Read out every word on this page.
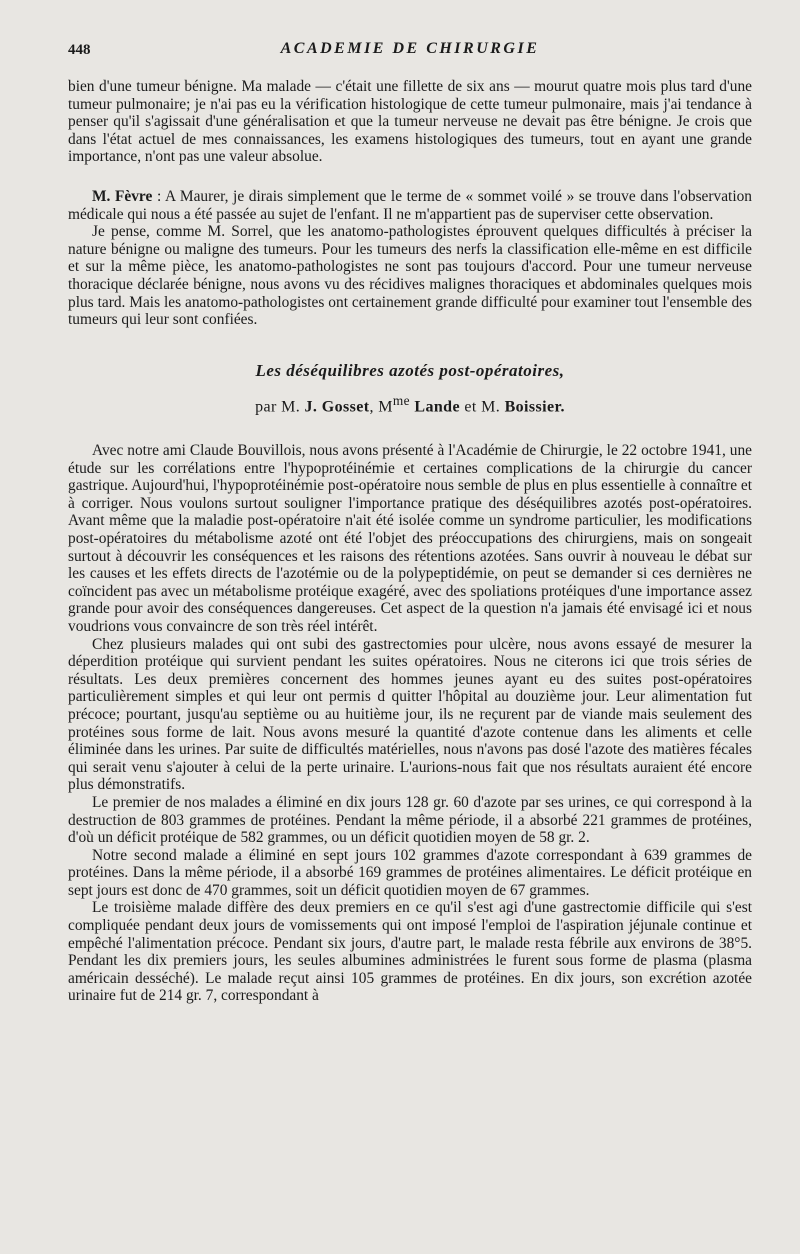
448	ACADEMIE DE CHIRURGIE

bien d'une tumeur bénigne. Ma malade — c'était une fillette de six ans — mourut quatre mois plus tard d'une tumeur pulmonaire; je n'ai pas eu la vérification histologique de cette tumeur pulmonaire, mais j'ai tendance à penser qu'il s'agissait d'une généralisation et que la tumeur nerveuse ne devait pas être bénigne. Je crois que dans l'état actuel de mes connaissances, les examens histologiques des tumeurs, tout en ayant une grande importance, n'ont pas une valeur absolue.

M. Fèvre : A Maurer, je dirais simplement que le terme de « sommet voilé » se trouve dans l'observation médicale qui nous a été passée au sujet de l'enfant. Il ne m'appartient pas de superviser cette observation.

Je pense, comme M. Sorrel, que les anatomo-pathologistes éprouvent quelques difficultés à préciser la nature bénigne ou maligne des tumeurs. Pour les tumeurs des nerfs la classification elle-même en est difficile et sur la même pièce, les anatomo-pathologistes ne sont pas toujours d'accord. Pour une tumeur nerveuse thoracique déclarée bénigne, nous avons vu des récidives malignes thoraciques et abdominales quelques mois plus tard. Mais les anatomo-pathologistes ont certainement grande difficulté pour examiner tout l'ensemble des tumeurs qui leur sont confiées.

Les déséquilibres azotés post-opératoires,
par M. J. Gosset, $M^{me}$ Lande et M. Boissier.

Avec notre ami Claude Bouvillois, nous avons présenté à l'Académie de Chirurgie, le 22 octobre 1941, une étude sur les corrélations entre l'hypoprotéinémie et certaines complications de la chirurgie du cancer gastrique. Aujourd'hui, l'hypoprotéinémie post-opératoire nous semble de plus en plus essentielle à connaître et à corriger. Nous voulons surtout souligner l'importance pratique des déséquilibres azotés post-opératoires. Avant même que la maladie post-opératoire n'ait été isolée comme un syndrome particulier, les modifications post-opératoires du métabolisme azoté ont été l'objet des préoccupations des chirurgiens, mais on songeait surtout à découvrir les conséquences et les raisons des rétentions azotées. Sans ouvrir à nouveau le débat sur les causes et les effets directs de l'azotémie ou de la polypeptidémie, on peut se demander si ces dernières ne coïncident pas avec un métabolisme protéique exagéré, avec des spoliations protéiques d'une importance assez grande pour avoir des conséquences dangereuses. Cet aspect de la question n'a jamais été envisagé ici et nous voudrions vous convaincre de son très réel intérêt.

Chez plusieurs malades qui ont subi des gastrectomies pour ulcère, nous avons essayé de mesurer la déperdition protéique qui survient pendant les suites opératoires. Nous ne citerons ici que trois séries de résultats. Les deux premières concernent des hommes jeunes ayant eu des suites post-opératoires particulièrement simples et qui leur ont permis d quitter l'hôpital au douzième jour. Leur alimentation fut précoce; pourtant, jusqu'au septième ou au huitième jour, ils ne reçurent par de viande mais seulement des protéines sous forme de lait. Nous avons mesuré la quantité d'azote contenue dans les aliments et celle éliminée dans les urines. Par suite de difficultés matérielles, nous n'avons pas dosé l'azote des matières fécales qui serait venu s'ajouter à celui de la perte urinaire. L'aurions-nous fait que nos résultats auraient été encore plus démonstratifs.

Le premier de nos malades a éliminé en dix jours 128 gr. 60 d'azote par ses urines, ce qui correspond à la destruction de 803 grammes de protéines. Pendant la même période, il a absorbé 221 grammes de protéines, d'où un déficit protéique de 582 grammes, ou un déficit quotidien moyen de 58 gr. 2.

Notre second malade a éliminé en sept jours 102 grammes d'azote correspondant à 639 grammes de protéines. Dans la même période, il a absorbé 169 grammes de protéines alimentaires. Le déficit protéique en sept jours est donc de 470 grammes, soit un déficit quotidien moyen de 67 grammes.

Le troisième malade diffère des deux premiers en ce qu'il s'est agi d'une gastrectomie difficile qui s'est compliquée pendant deux jours de vomissements qui ont imposé l'emploi de l'aspiration jéjunale continue et empêché l'alimentation précoce. Pendant six jours, d'autre part, le malade resta fébrile aux environs de 38°5. Pendant les dix premiers jours, les seules albumines administrées le furent sous forme de plasma (plasma américain desséché). Le malade reçut ainsi 105 grammes de protéines. En dix jours, son excrétion azotée urinaire fut de 214 gr. 7, correspondant à
